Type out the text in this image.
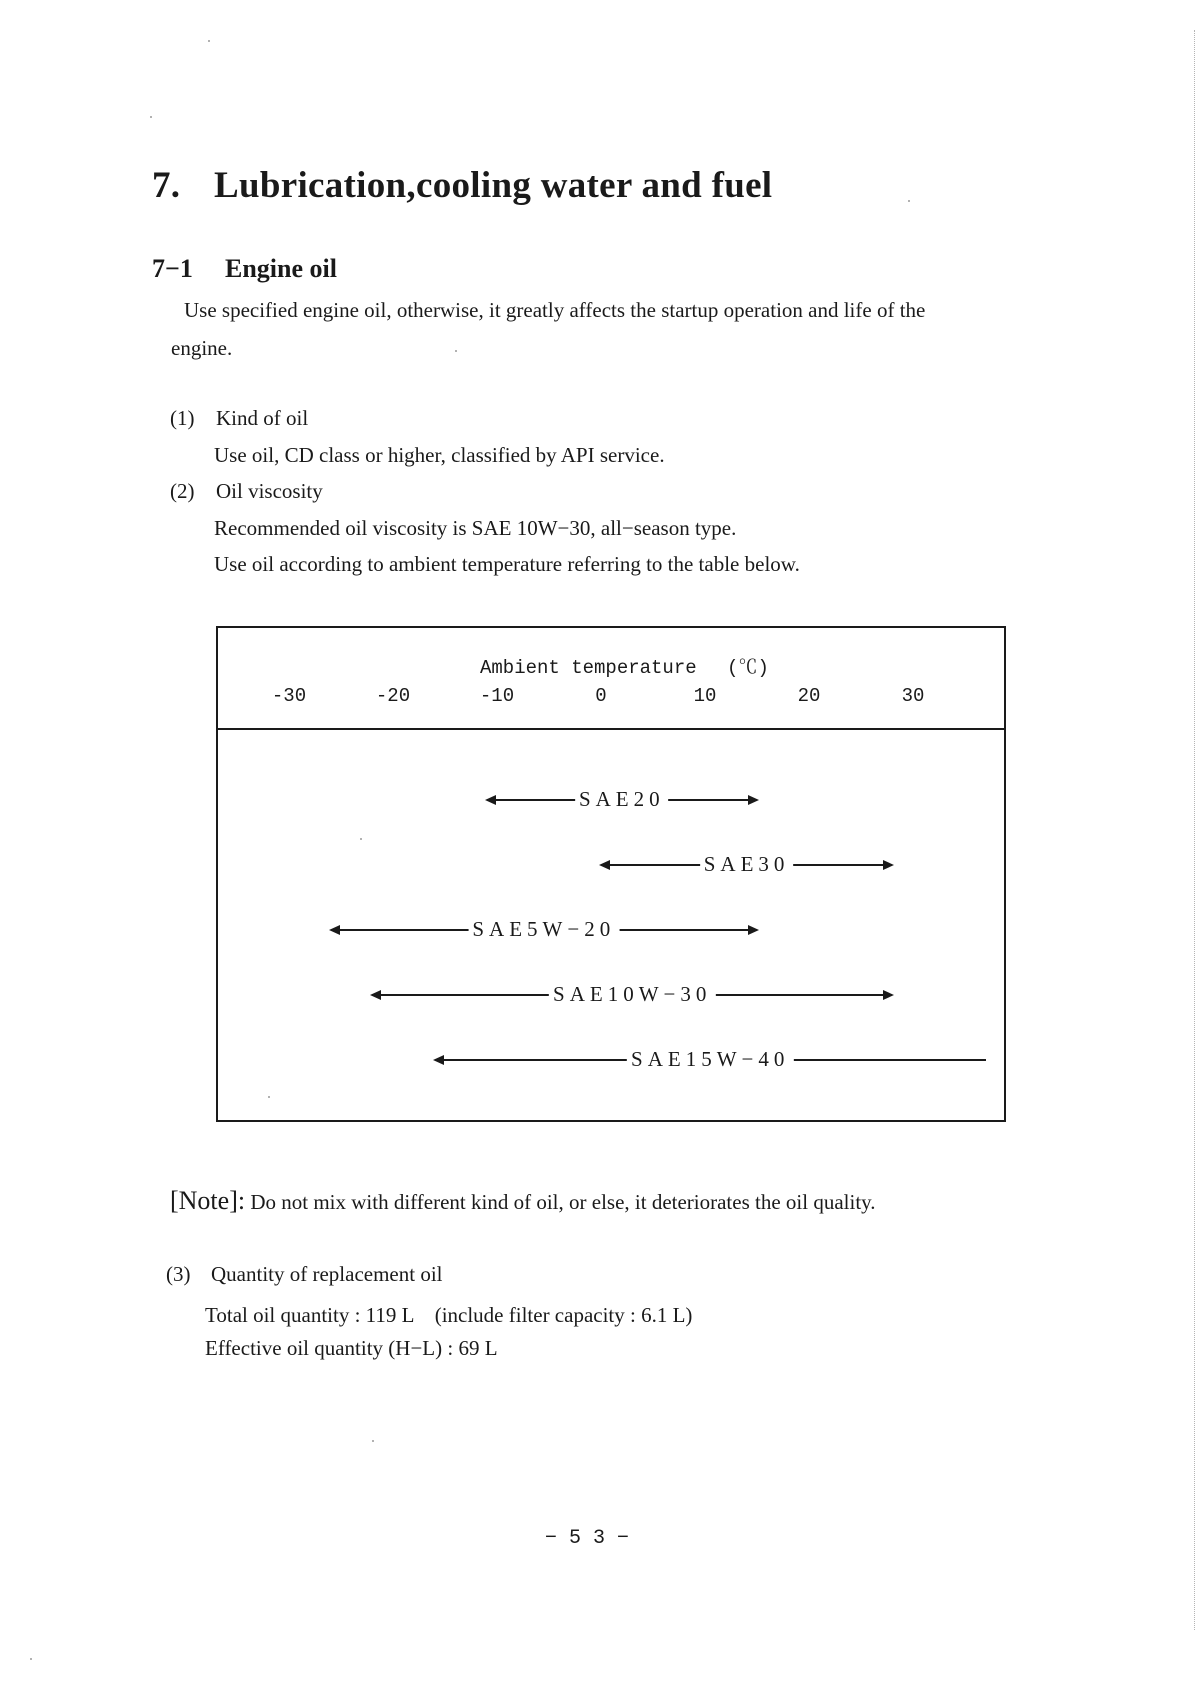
7. Lubrication,cooling water and fuel
7−1 Engine oil
Use specified engine oil, otherwise, it greatly affects the startup operation and life of the
engine.
(1) Kind of oil
Use oil, CD class or higher, classified by API service.
(2) Oil viscosity
Recommended oil viscosity is SAE 10W−30, all−season type.
Use oil according to ambient temperature referring to the table below.
Ambient temperature　 (℃)
-30	-20	-10	0	10	20	30
SAE20
SAE30
SAE5W−20
SAE10W−30
SAE15W−40
[Note]: Do not mix with different kind of oil, or else, it deteriorates the oil quality.
(3) Quantity of replacement oil
Total oil quantity : 119 L　(include filter capacity : 6.1 L)
Effective oil quantity (H−L) : 69 L
− 5 3 −
